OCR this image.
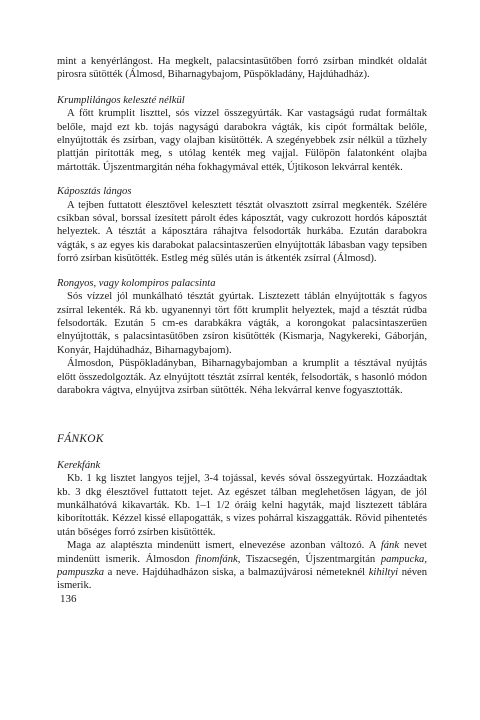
mint a kenyérlángost. Ha megkelt, palacsintasütőben forró zsírban mindkét oldalát pirosra sütötték (Álmosd, Biharnagybajom, Püspökladány, Hajdúhadház).

Krumplilángos keleszté nélkül

A főtt krumplit liszttel, sós vízzel összegyúrták. Kar vastagságú rudat formáltak belőle, majd ezt kb. tojás nagyságú darabokra vágták, kis cipót formáltak belőle, elnyújtották és zsírban, vagy olajban kisütötték. A szegényebbek zsír nélkül a tűzhely plattján pirították meg, s utólag kenték meg vajjal. Fülöpön falatonként olajba mártották. Újszentmargitán néha fokhagymával ették, Újtikoson lekvárral kenték.

Káposztás lángos

A tejben futtatott élesztővel kelesztett tésztát olvasztott zsírral megkenték. Szélére csíkban sóval, borssal ízesített párolt édes káposztát, vagy cukrozott hordós káposztát helyeztek. A tésztát a káposztára ráhajtva felsodorták hurkába. Ezután darabokra vágták, s az egyes kis darabokat palacsintaszerűen elnyújtották lábasban vagy tepsiben forró zsírban kisütötték. Estleg még sülés után is átkenték zsírral (Álmosd).

Rongyos, vagy kolompiros palacsinta

Sós vízzel jól munkálható tésztát gyúrtak. Lisztezett táblán elnyújtották s fagyos zsírral lekenték. Rá kb. ugyanennyi tört főtt krumplit helyeztek, majd a tésztát rúdba felsodorták. Ezután 5 cm-es darabkákra vágták, a korongokat palacsintaszerűen elnyújtották, s palacsintasütőben zsíron kisütötték (Kismarja, Nagykereki, Gáborján, Konyár, Hajdúhadház, Biharnagybajom).

Álmosdon, Püspökladányban, Biharnagybajomban a krumplit a tésztával nyújtás előtt összedolgozták. Az elnyújtott tésztát zsírral kenték, felsodorták, s hasonló módon darabokra vágtva, elnyújtva zsírban sütötték. Néha lekvárral kenve fogyasztották.

FÁNKOK

Kerekfánk

Kb. 1 kg lisztet langyos tejjel, 3-4 tojással, kevés sóval összegyúrtak. Hozzáadtak kb. 3 dkg élesztővel futtatott tejet. Az egészet tálban meglehetősen lágyan, de jól munkálhatóvá kikavarták. Kb. 1–1 1/2 óráig kelni hagyták, majd lisztezett táblára kiborították. Kézzel kissé ellapogatták, s vizes pohárral kiszaggatták. Rövid pihentetés után bőséges forró zsírben kisütötték.

Maga az alaptészta mindenütt ismert, elnevezése azonban változó. A fánk nevet mindenütt ismerik. Álmosdon finomfánk, Tiszacsegén, Újszentmargitán pampucka, pampuszka a neve. Hajdúhadházon siska, a balmazújvárosi németeknél kihiltyi néven ismerik.

136
